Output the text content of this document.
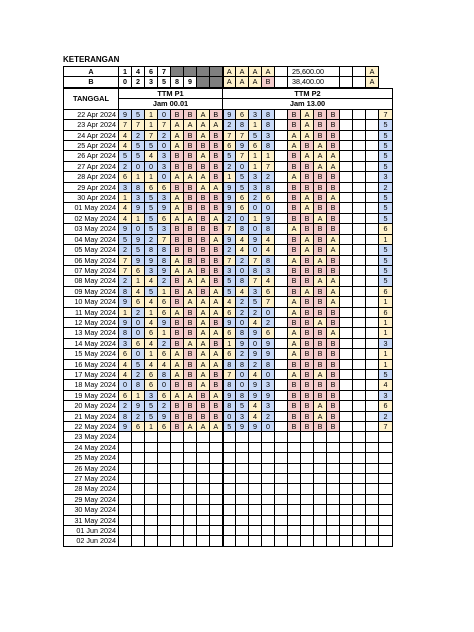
KETERANGAN
A	1	4	6	7					A	A	A	A		25,600.00			A
B	0	2	3	5	8	9			A	A	A	B		38,400.00			A
TANGGAL	TTM P1								TTM P2												
	Jam 00.01								Jam 13.00												
22 Apr 2024	9	5	1	0	B	B	A	B	9	6	3	8		B	A	B	B				7
23 Apr 2024	7	7	1	7	A	A	A	A	2	8	1	8		B	A	B	B				5
24 Apr 2024	4	2	7	2	A	B	A	B	7	7	5	3		A	A	B	B				5
25 Apr 2024	4	5	5	0	A	B	B	B	6	9	6	8		A	B	A	B				5
26 Apr 2024	5	5	4	3	B	B	A	B	5	7	1	1		B	A	A	A				5
27 Apr 2024	2	0	0	3	B	B	B	B	2	0	1	7		B	B	A	A				5
28 Apr 2024	6	1	1	0	A	A	A	B	1	5	3	2		A	B	B	B				3
29 Apr 2024	3	8	6	6	B	B	A	A	9	5	3	8		B	B	B	B				2
30 Apr 2024	1	3	5	3	A	B	B	B	9	6	2	6		B	A	B	A				5
01 May 2024	4	9	5	9	A	B	B	B	9	6	0	0		B	A	B	B				5
02 May 2024	4	1	5	6	A	A	B	A	2	0	1	9		B	B	A	B				5
03 May 2024	9	0	5	3	B	B	B	B	7	8	0	8		A	B	B	B				6
04 May 2024	5	9	2	7	B	B	B	A	9	4	9	4		B	A	B	A				1
05 May 2024	2	5	8	8	B	B	B	B	2	4	0	4		B	A	B	A				5
06 May 2024	7	9	9	8	A	B	B	B	7	2	7	8		A	B	A	B				5
07 May 2024	7	6	3	9	A	A	B	B	3	0	8	3		B	B	B	B				5
08 May 2024	2	1	4	2	B	A	A	B	5	8	7	4		B	B	A	A				5
09 May 2024	8	4	5	1	B	A	B	A	5	4	3	6		B	A	B	A				6
10 May 2024	9	6	4	6	B	A	A	A	4	2	5	7		A	B	B	A				1
11 May 2024	1	2	1	6	A	B	A	A	6	2	2	0		A	B	B	B				6
12 May 2024	9	0	4	9	B	B	A	B	9	0	4	2		B	B	A	B				1
13 May 2024	8	0	6	1	B	B	A	A	6	8	9	6		A	B	B	A				1
14 May 2024	3	6	4	2	B	A	A	B	1	9	0	9		A	B	B	B				3
15 May 2024	6	0	1	6	A	B	A	A	6	2	9	9		A	B	B	B				1
16 May 2024	4	5	4	4	A	B	A	A	8	8	2	8		B	B	B	B				1
17 May 2024	4	2	6	8	A	B	A	B	7	0	4	0		A	B	A	B				5
18 May 2024	0	8	6	0	B	B	A	B	8	0	9	3		B	B	B	B				4
19 May 2024	6	1	3	6	A	A	B	A	9	8	9	9		B	B	B	B				3
20 May 2024	2	9	5	2	B	B	B	B	8	5	4	3		B	B	A	B				6
21 May 2024	8	2	5	9	B	B	B	B	0	3	4	2		B	B	A	B				2
22 May 2024	9	6	1	6	B	A	A	A	5	9	9	0		B	B	B	B				7
23 May 2024																					
24 May 2024																					
25 May 2024																					
26 May 2024																					
27 May 2024																					
28 May 2024																					
29 May 2024																					
30 May 2024																					
31 May 2024																					
01 Jun 2024																					
02 Jun 2024																					
